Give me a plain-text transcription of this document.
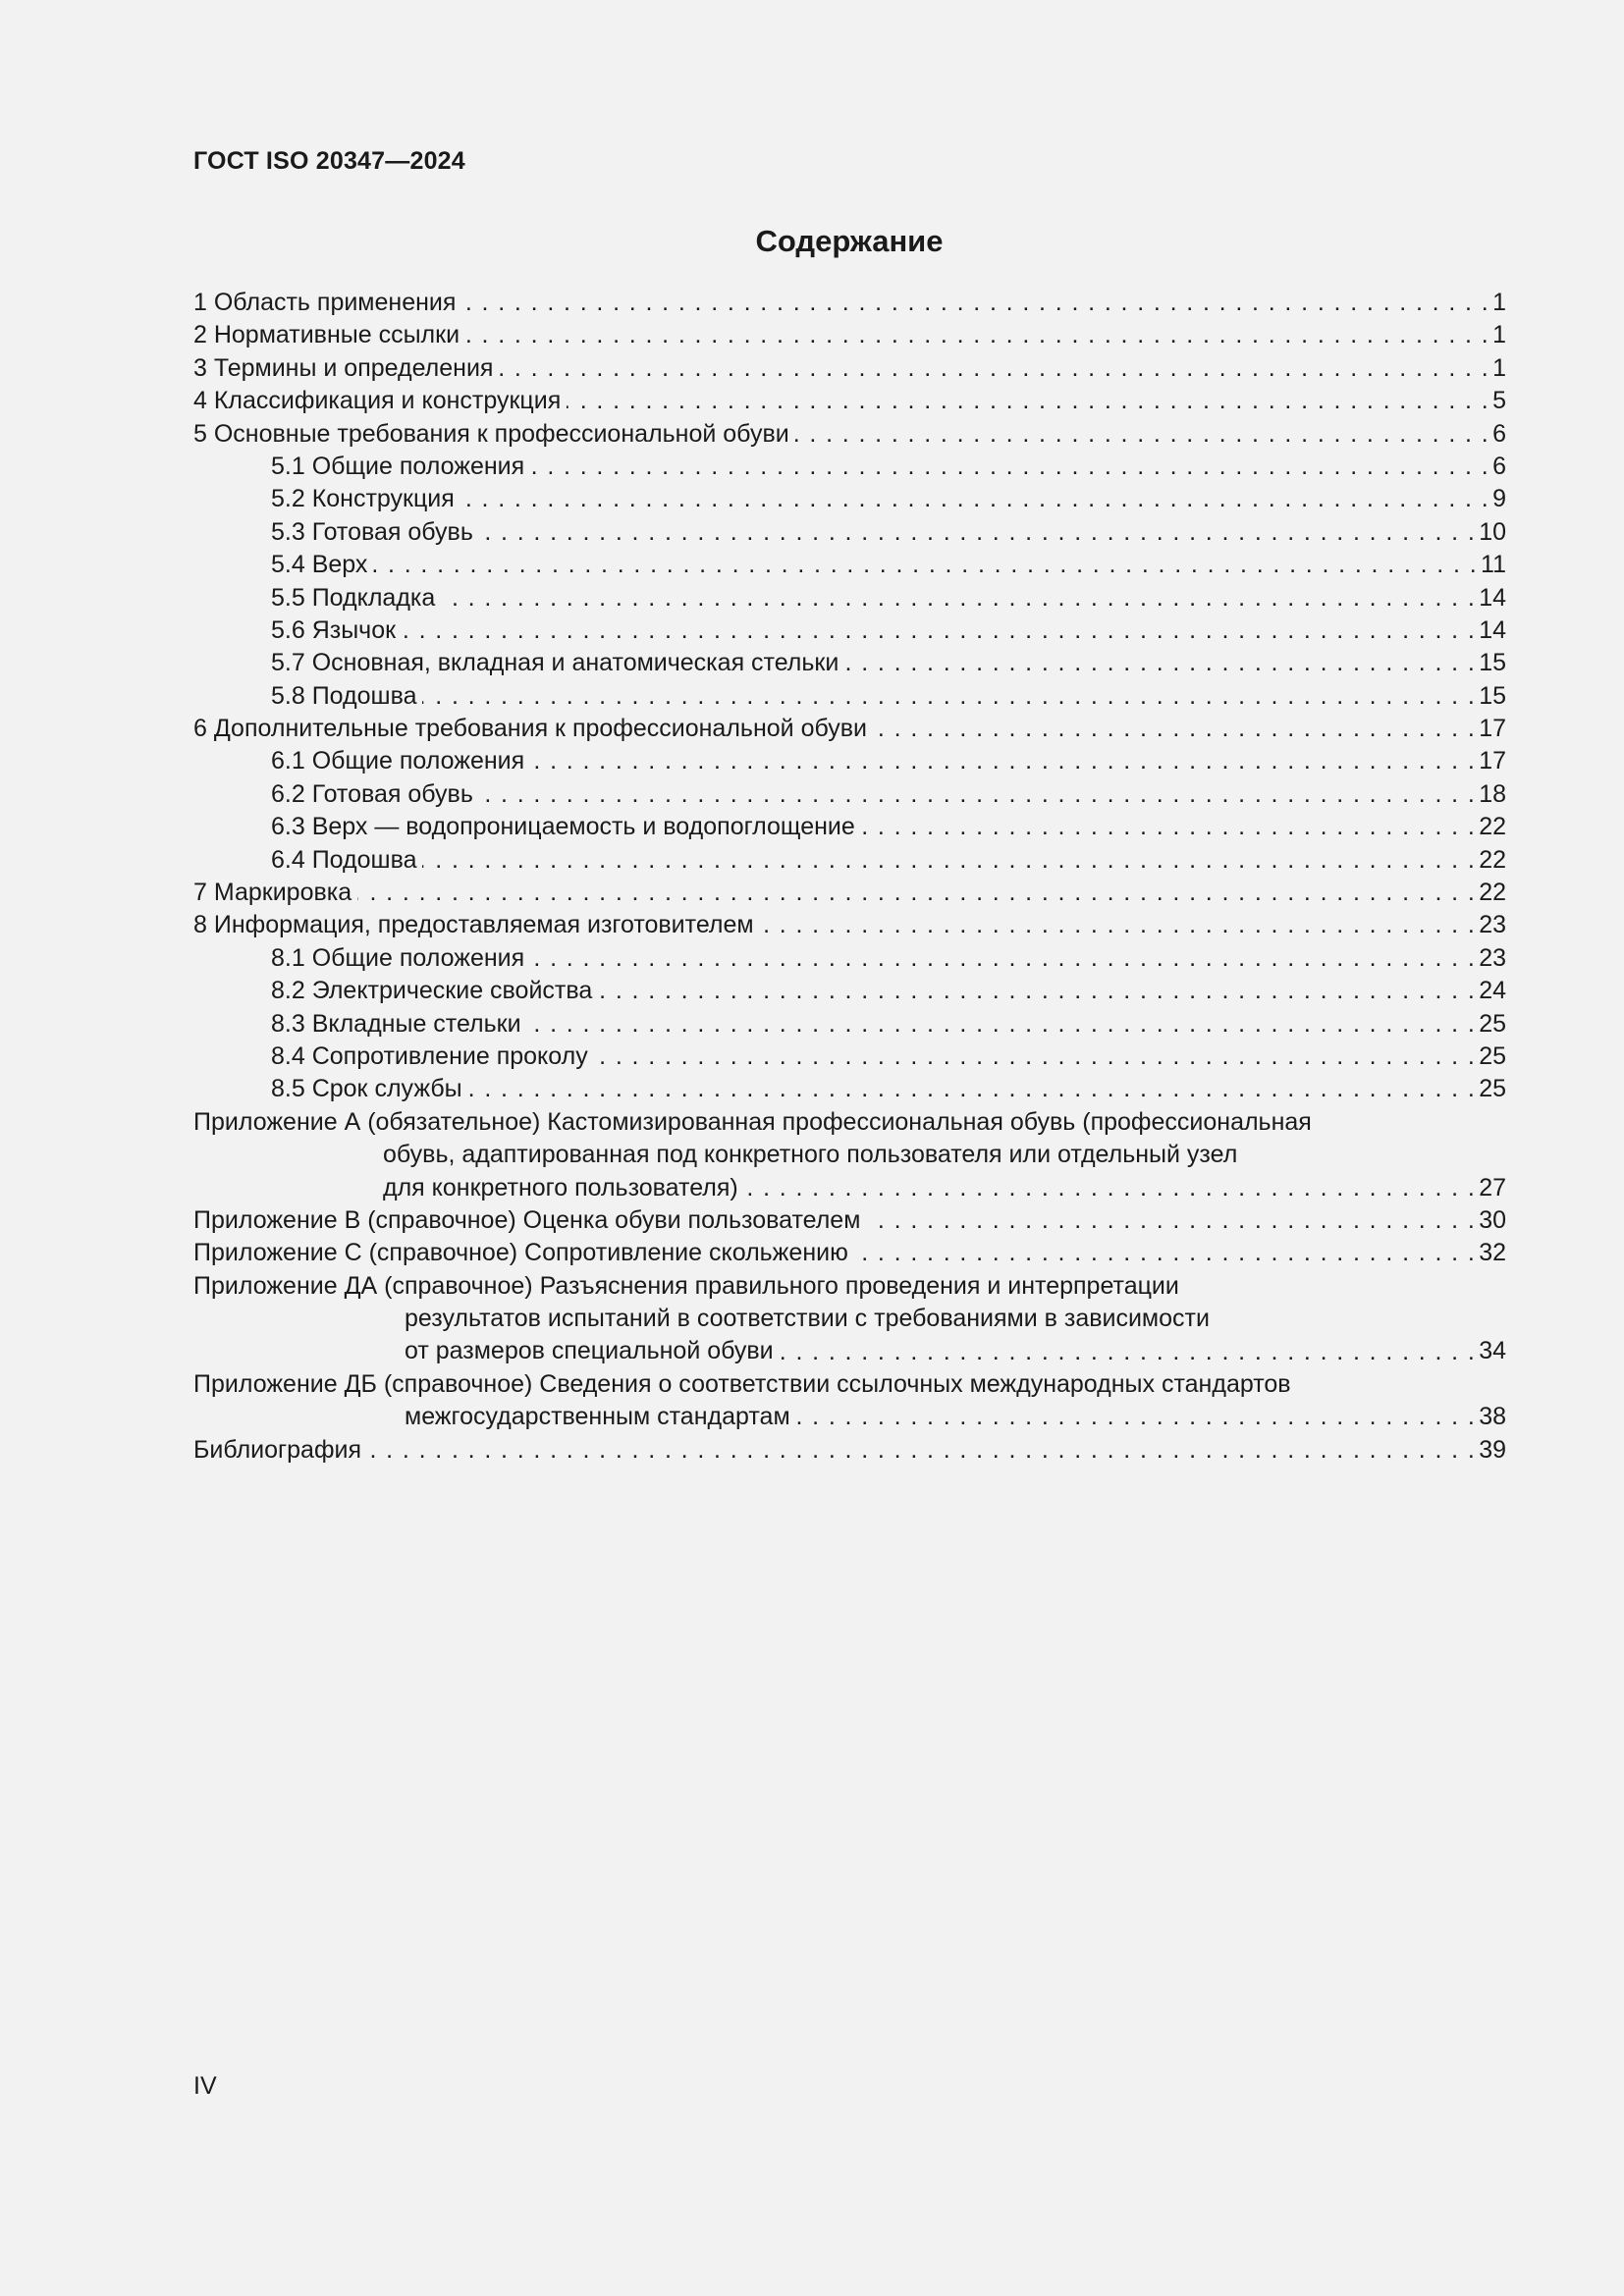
ГОСТ ISO 20347—2024
Содержание
1 Область применения . . .	1
2 Нормативные ссылки . . .	1
3 Термины и определения . . .	1
4 Классификация и конструкция . . .	5
5 Основные требования к профессиональной обуви . . .	6
5.1 Общие положения . . .	6
5.2 Конструкция . . .	9
5.3 Готовая обувь . . .	10
5.4 Верх . . .	11
5.5 Подкладка . . .	14
5.6 Язычок . . .	14
5.7 Основная, вкладная и анатомическая стельки . . .	15
5.8 Подошва . . .	15
6 Дополнительные требования к профессиональной обуви . . .	17
6.1 Общие положения . . .	17
6.2 Готовая обувь . . .	18
6.3 Верх — водопроницаемость и водопоглощение . . .	22
6.4 Подошва . . .	22
7 Маркировка . . .	22
8 Информация, предоставляемая изготовителем . . .	23
8.1 Общие положения . . .	23
8.2 Электрические свойства . . .	24
8.3 Вкладные стельки . . .	25
8.4 Сопротивление проколу . . .	25
8.5 Срок службы . . .	25
Приложение А (обязательное) Кастомизированная профессиональная обувь (профессиональная
обувь, адаптированная под конкретного пользователя или отдельный узел
для конкретного пользователя) . . .	27
Приложение В (справочное) Оценка обуви пользователем . . .	30
Приложение С (справочное) Сопротивление скольжению . . .	32
Приложение ДА (справочное) Разъяснения правильного проведения и интерпретации
результатов испытаний в соответствии с требованиями в зависимости
от размеров специальной обуви . . .	34
Приложение ДБ (справочное) Сведения о соответствии ссылочных международных стандартов
межгосударственным стандартам . . .	38
Библиография . . .	39
IV
